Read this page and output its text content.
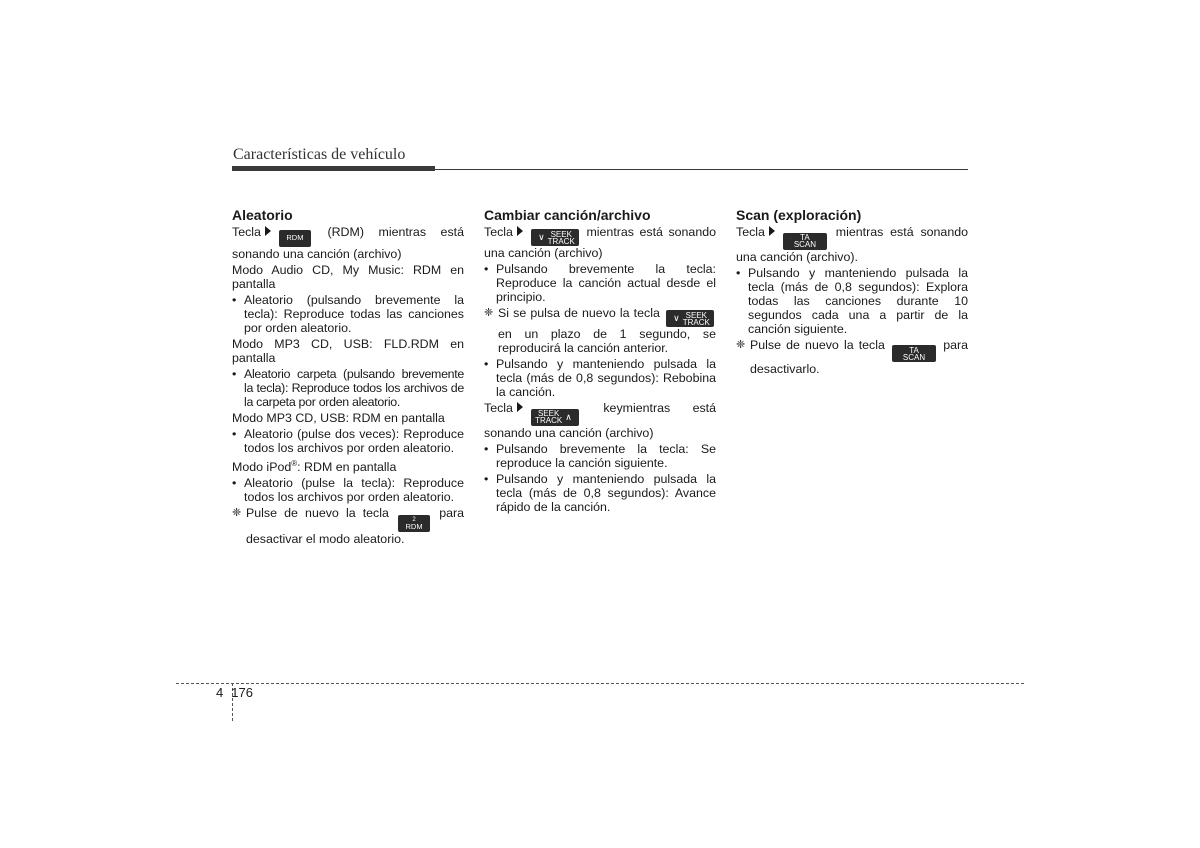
Características de vehículo
Aleatorio
Tecla	RDM (RDM) mientras está sonando una canción (archivo)
Modo Audio CD, My Music: RDM en pantalla
• Aleatorio (pulsando brevemente la tecla): Reproduce todas las canciones por orden aleatorio.
Modo MP3 CD, USB: FLD.RDM en pantalla
• Aleatorio carpeta (pulsando brevemente la tecla): Reproduce todos los archivos de la carpeta por orden aleatorio.
Modo MP3 CD, USB: RDM en pantalla
• Aleatorio (pulse dos veces): Reproduce todos los archivos por orden aleatorio.
Modo iPod®: RDM en pantalla
• Aleatorio (pulse la tecla): Reproduce todos los archivos por orden aleatorio.
❈ Pulse de nuevo la tecla	2
RDM
para desactivar el modo aleatorio.
Cambiar canción/archivo
Tecla	∨ SEEK
TRACK
mientras está sonando una canción (archivo)
• Pulsando brevemente la tecla: Reproduce la canción actual desde el principio.
❈ Si se pulsa de nuevo la tecla ∨ SEEK
TRACK
en un plazo de 1 segundo, se reproducirá la canción anterior.
• Pulsando y manteniendo pulsada la tecla (más de 0,8 segundos): Rebobina la canción.
Tecla	SEEK
TRACK ∧
keymientras está sonando una canción (archivo)
• Pulsando brevemente la tecla: Se reproduce la canción siguiente.
• Pulsando y manteniendo pulsada la tecla (más de 0,8 segundos): Avance rápido de la canción.
Scan (exploración)
Tecla	TA
SCAN
mientras está sonando una canción (archivo).
• Pulsando y manteniendo pulsada la tecla (más de 0,8 segundos): Explora todas las canciones durante 10 segundos cada una a partir de la canción siguiente.
❈ Pulse de nuevo la tecla	TA
SCAN
para desactivarlo.
4 176
